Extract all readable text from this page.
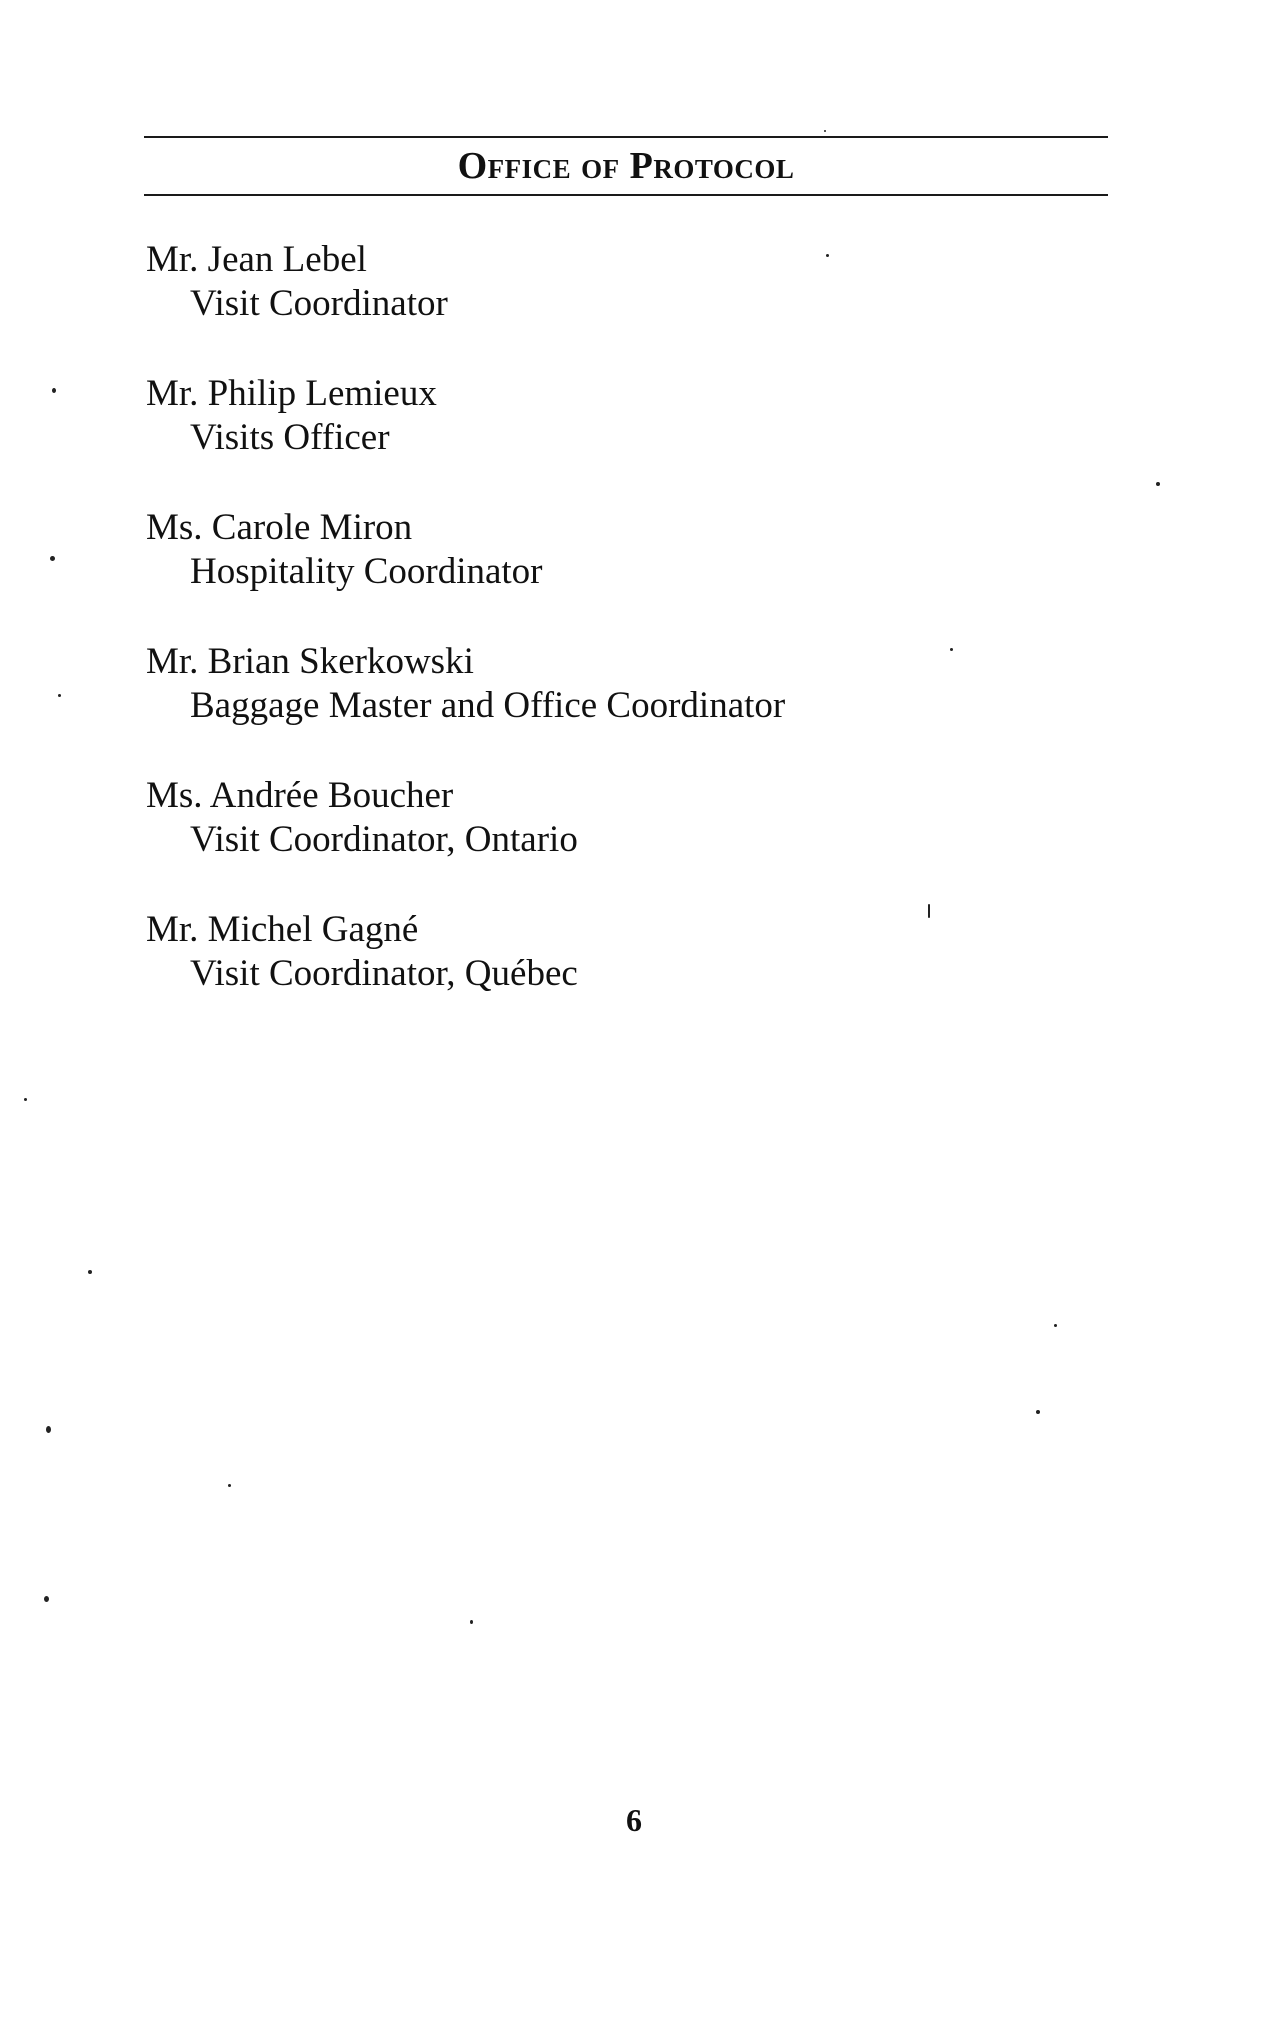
Office of Protocol
Mr. Jean Lebel
Visit Coordinator
Mr. Philip Lemieux
Visits Officer
Ms. Carole Miron
Hospitality Coordinator
Mr. Brian Skerkowski
Baggage Master and Office Coordinator
Ms. Andrée Boucher
Visit Coordinator, Ontario
Mr. Michel Gagné
Visit Coordinator, Québec
6
